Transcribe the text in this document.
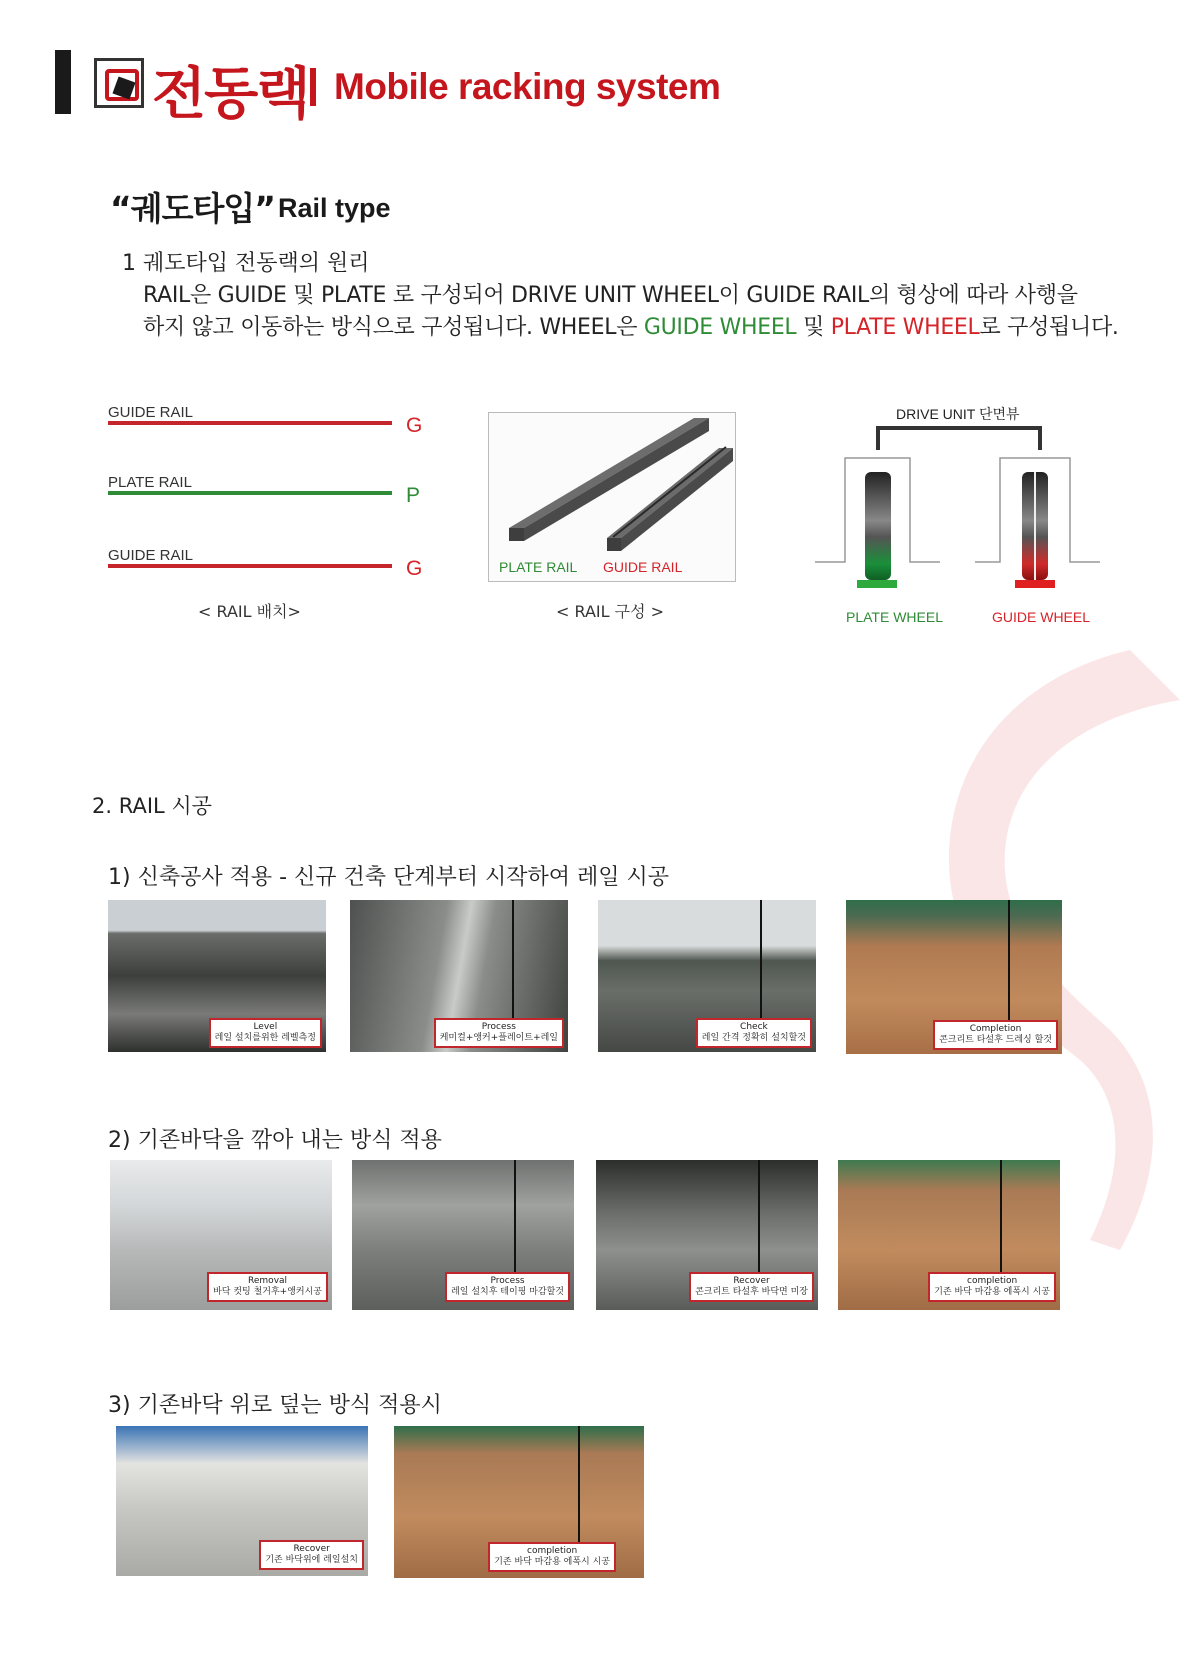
전동랙 Mobile racking system
“궤도타입” Rail type
1 궤도타입 전동랙의 원리
RAIL은 GUIDE 및 PLATE 로 구성되어 DRIVE UNIT WHEEL이 GUIDE RAIL의 형상에 따라 사행을
하지 않고 이동하는 방식으로 구성됩니다. WHEEL은 GUIDE WHEEL 및 PLATE WHEEL로 구성됩니다.
GUIDE RAIL
G
PLATE RAIL
P
GUIDE RAIL
G
< RAIL 배치>
PLATE RAIL GUIDE RAIL
< RAIL 구성 >
DRIVE UNIT 단면뷰
PLATE WHEEL	GUIDE WHEEL
2. RAIL 시공
1) 신축공사 적용 - 신규 건축 단계부터 시작하여 레일 시공
2) 기존바닥을 깎아 내는 방식 적용
3) 기존바닥 위로 덮는 방식 적용시
Level
레일 설치를위한 레벨측정
Process
케미컬+앵커+플레이트+레일
Check
레일 간격 정확히 설치할것
Completion
콘크리트 타설후 드레싱 할것
Removal
바닥 컷팅 철거후+앵커시공
Process
레일 설치후 테이핑 마감할것
Recover
콘크리트 타설후 바닥면 미장
completion
기존 바닥 마감용 에폭시 시공
Recover
기존 바닥위에 레일설치
completion
기존 바닥 마감용 에폭시 시공
